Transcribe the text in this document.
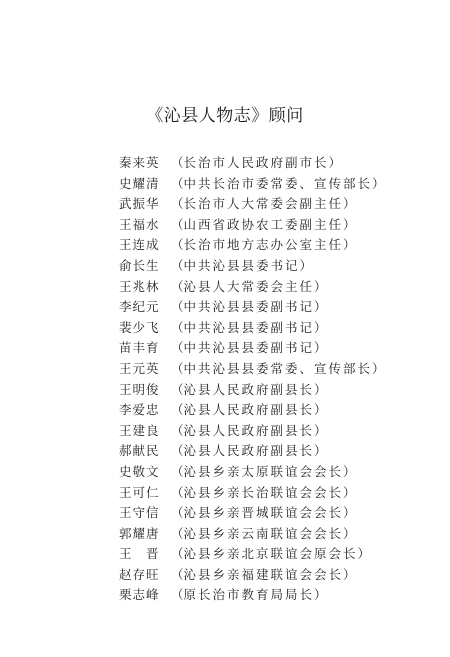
《沁县人物志》顾问
秦来英 （长治市人民政府副市长）
史耀清 （中共长治市委常委、宣传部长）
武振华 （长治市人大常委会副主任）
王福水 （山西省政协农工委副主任）
王连成 （长治市地方志办公室主任）
俞长生 （中共沁县县委书记）
王兆林 （沁县人大常委会主任）
李纪元 （中共沁县县委副书记）
裴少飞 （中共沁县县委副书记）
苗丰育 （中共沁县县委副书记）
王元英 （中共沁县县委常委、宣传部长）
王明俊 （沁县人民政府副县长）
李爱忠 （沁县人民政府副县长）
王建良 （沁县人民政府副县长）
郝献民 （沁县人民政府副县长）
史敬文 （沁县乡亲太原联谊会会长）
王可仁 （沁县乡亲长治联谊会会长）
王守信 （沁县乡亲晋城联谊会会长）
郭耀唐 （沁县乡亲云南联谊会会长）
王　晋 （沁县乡亲北京联谊会原会长）
赵存旺 （沁县乡亲福建联谊会会长）
栗志峰 （原长治市教育局局长）
